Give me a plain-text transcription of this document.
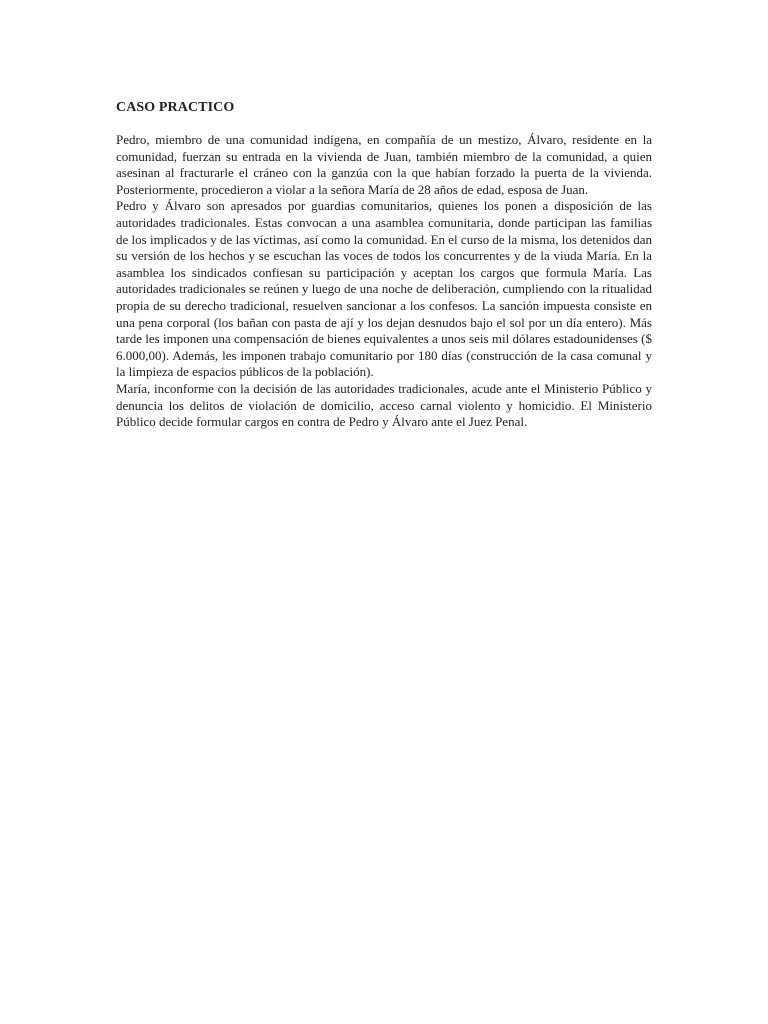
CASO PRACTICO

Pedro, miembro de una comunidad indígena, en compañía de un mestizo, Álvaro, residente en la comunidad, fuerzan su entrada en la vivienda de Juan, también miembro de la comunidad, a quien asesinan al fracturarle el cráneo con la ganzúa con la que habían forzado la puerta de la vivienda. Posteriormente, procedieron a violar a la señora María de 28 años de edad, esposa de Juan.

Pedro y Álvaro son apresados por guardias comunitarios, quienes los ponen a disposición de las autoridades tradicionales. Estas convocan a una asamblea comunitaria, donde participan las familias de los implicados y de las víctimas, así como la comunidad. En el curso de la misma, los detenidos dan su versión de los hechos y se escuchan las voces de todos los concurrentes y de la viuda María. En la asamblea los sindicados confiesan su participación y aceptan los cargos que formula María. Las autoridades tradicionales se reúnen y luego de una noche de deliberación, cumpliendo con la ritualidad propia de su derecho tradicional, resuelven sancionar a los confesos. La sanción impuesta consiste en una pena corporal (los bañan con pasta de ají y los dejan desnudos bajo el sol por un día entero). Más tarde les imponen una compensación de bienes equivalentes a unos seis mil dólares estadounidenses ($ 6.000,00). Además, les imponen trabajo comunitario por 180 días (construcción de la casa comunal y la limpieza de espacios públicos de la población).

María, inconforme con la decisión de las autoridades tradicionales, acude ante el Ministerio Público y denuncia los delitos de violación de domicilio, acceso carnal violento y homicidio. El Ministerio Público decide formular cargos en contra de Pedro y Álvaro ante el Juez Penal.
